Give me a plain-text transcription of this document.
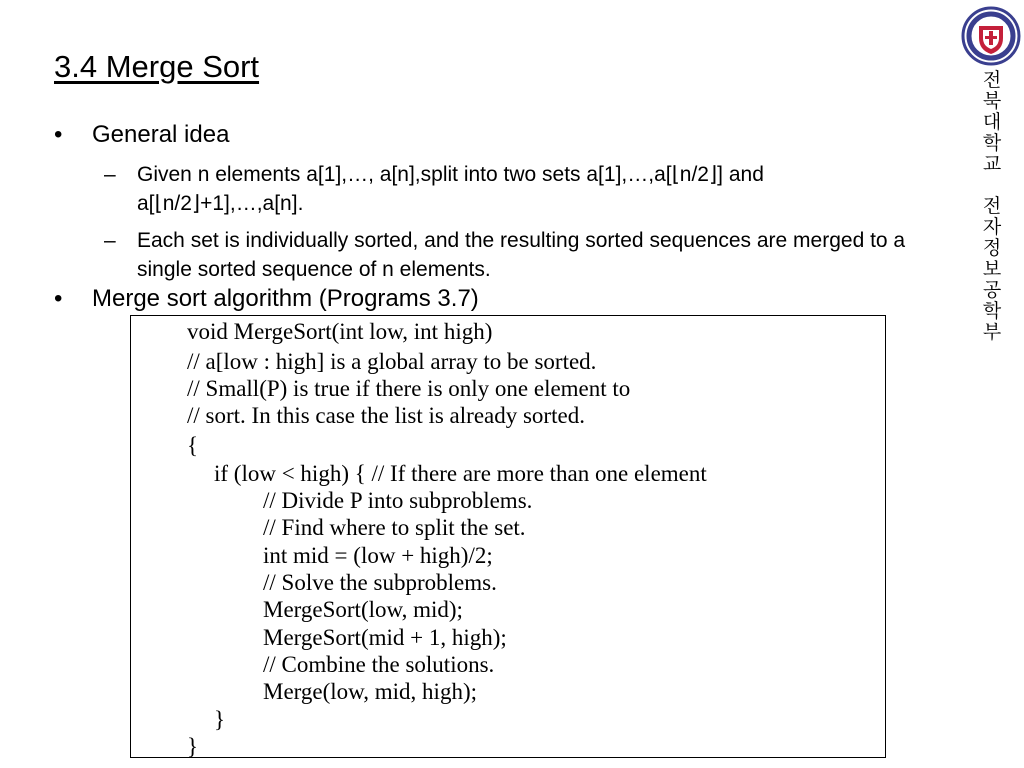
3.4 Merge Sort
• General idea
– Given n elements a[1],…, a[n],split into two sets a[1],…,a[⌊n/2⌋] and a[⌊n/2⌋+1],…,a[n].
– Each set is individually sorted, and the resulting sorted sequences are merged to a single sorted sequence of n elements.
• Merge sort algorithm (Programs 3.7)
void MergeSort(int low, int high)
// a[low : high] is a global array to be sorted.
// Small(P) is true if there is only one element to
// sort. In this case the list is already sorted.
{
if (low < high) { // If there are more than one element
// Divide P into subproblems.
// Find where to split the set.
int mid = (low + high)/2;
// Solve the subproblems.
MergeSort(low, mid);
MergeSort(mid + 1, high);
// Combine the solutions.
Merge(low, mid, high);
}
}
전
북
대
학
교
전
자
정
보
공
학
부
